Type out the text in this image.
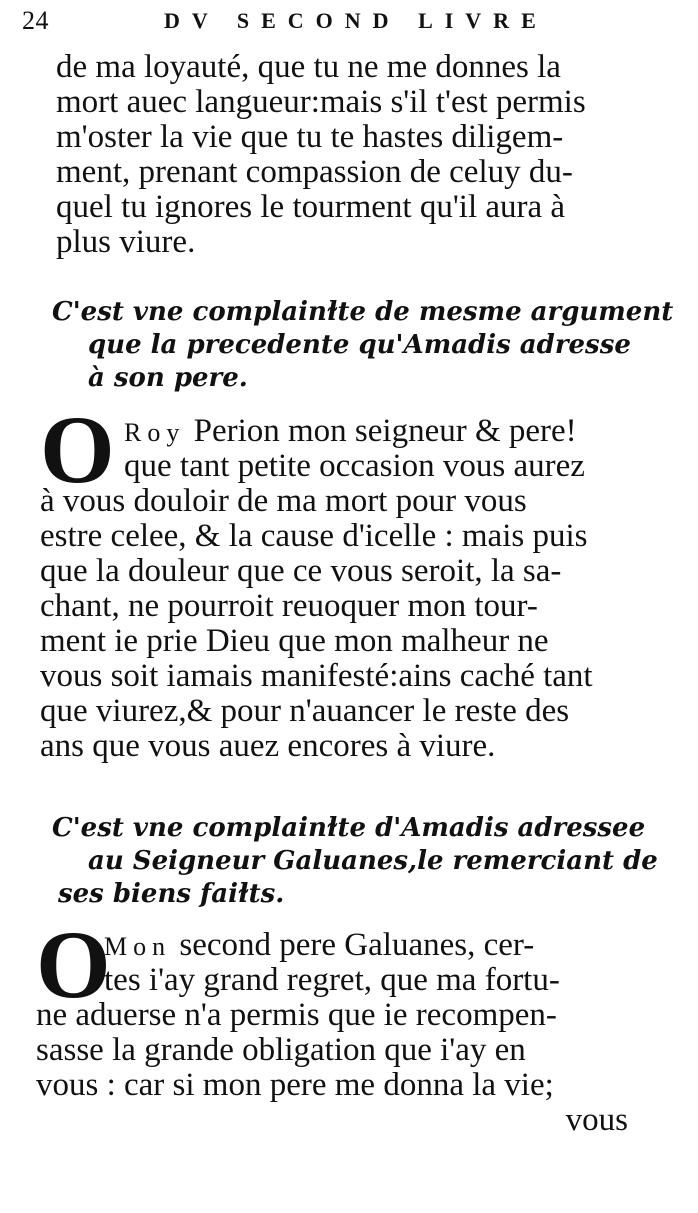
24	DV SECOND LIVRE
de ma loyauté, que tu ne me donnes la
mort auec langueur:mais s'il t'est permis
m'oster la vie que tu te hastes diligem-
ment, prenant compassion de celuy du-
quel tu ignores le tourment qu'il aura à
plus viure.
C'est vne complainɫte de mesme argument
que la precedente qu'Amadis adresse
à son pere.
O Roy Perion mon seigneur & pere!
que tant petite occasion vous aurez
à vous douloir de ma mort pour vous
estre celee, & la cause d'icelle : mais puis
que la douleur que ce vous seroit, la sa-
chant, ne pourroit reuoquer mon tour-
ment ie prie Dieu que mon malheur ne
vous soit iamais manifesté:ains caché tant
que viurez,& pour n'auancer le reste des
ans que vous auez encores à viure.
C'est vne complainɫte d'Amadis adressee
au Seigneur Galuanes,le remerciant de
ses biens faiɫts.
O
Mon second pere Galuanes, cer-
tes i'ay grand regret, que ma fortu-
ne aduerse n'a permis que ie recompen-
sasse la grande obligation que i'ay en
vous : car si mon pere me donna la vie;
vous
